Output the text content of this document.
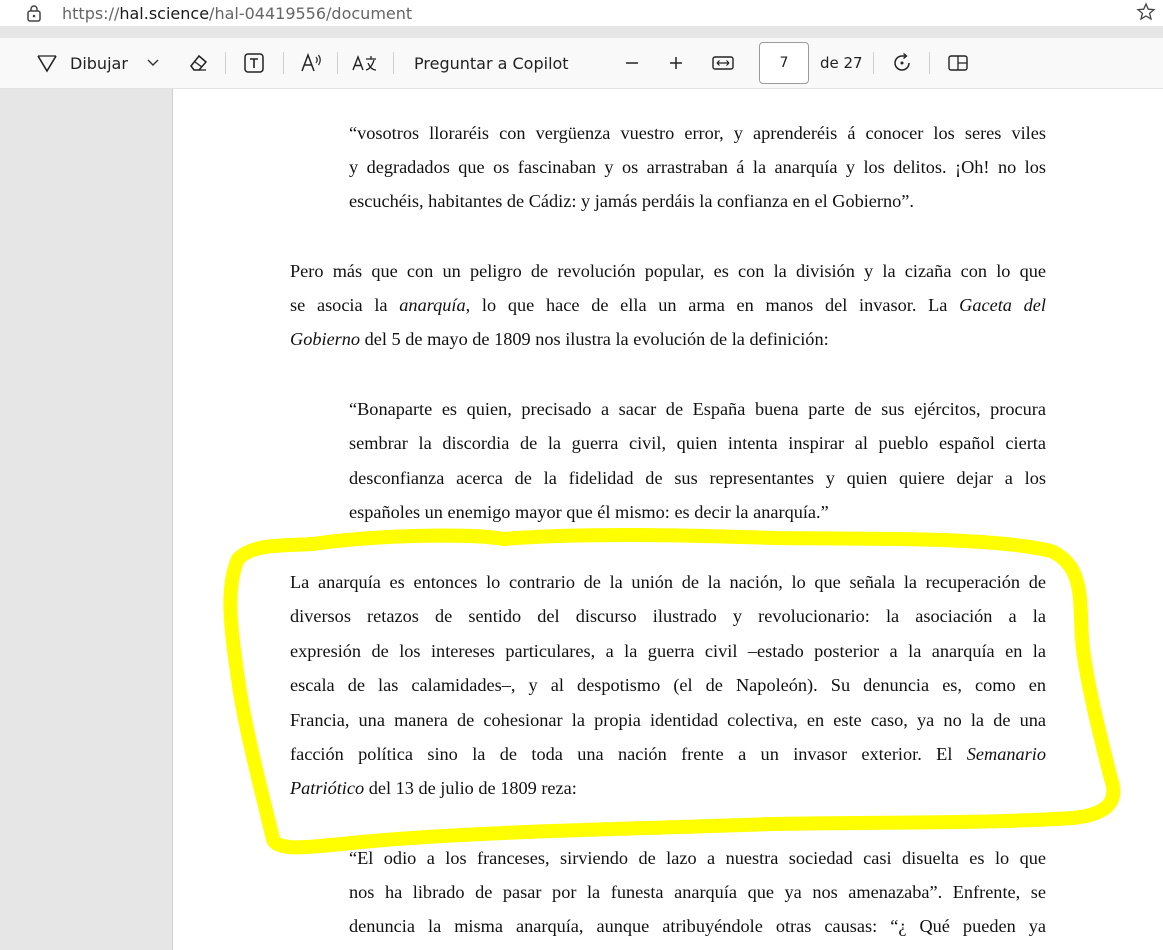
https://hal.science/hal-04419556/document
Dibujar	Preguntar a Copilot	7	de 27
“vosotros lloraréis con vergüenza vuestro error, y aprenderéis á conocer los seres viles
y degradados que os fascinaban y os arrastraban á la anarquía y los delitos. ¡Oh! no los
escuchéis, habitantes de Cádiz: y jamás perdáis la confianza en el Gobierno”.
Pero más que con un peligro de revolución popular, es con la división y la cizaña con lo que
se asocia la anarquía, lo que hace de ella un arma en manos del invasor. La Gaceta del
Gobierno del 5 de mayo de 1809 nos ilustra la evolución de la definición:
“Bonaparte es quien, precisado a sacar de España buena parte de sus ejércitos, procura
sembrar la discordia de la guerra civil, quien intenta inspirar al pueblo español cierta
desconfianza acerca de la fidelidad de sus representantes y quien quiere dejar a los
españoles un enemigo mayor que él mismo: es decir la anarquía.”
La anarquía es entonces lo contrario de la unión de la nación, lo que señala la recuperación de
diversos retazos de sentido del discurso ilustrado y revolucionario: la asociación a la
expresión de los intereses particulares, a la guerra civil –estado posterior a la anarquía en la
escala de las calamidades–, y al despotismo (el de Napoleón). Su denuncia es, como en
Francia, una manera de cohesionar la propia identidad colectiva, en este caso, ya no la de una
facción política sino la de toda una nación frente a un invasor exterior. El Semanario
Patriótico del 13 de julio de 1809 reza:
“El odio a los franceses, sirviendo de lazo a nuestra sociedad casi disuelta es lo que
nos ha librado de pasar por la funesta anarquía que ya nos amenazaba”. Enfrente, se
denuncia la misma anarquía, aunque atribuyéndole otras causas: “¿ Qué pueden ya
